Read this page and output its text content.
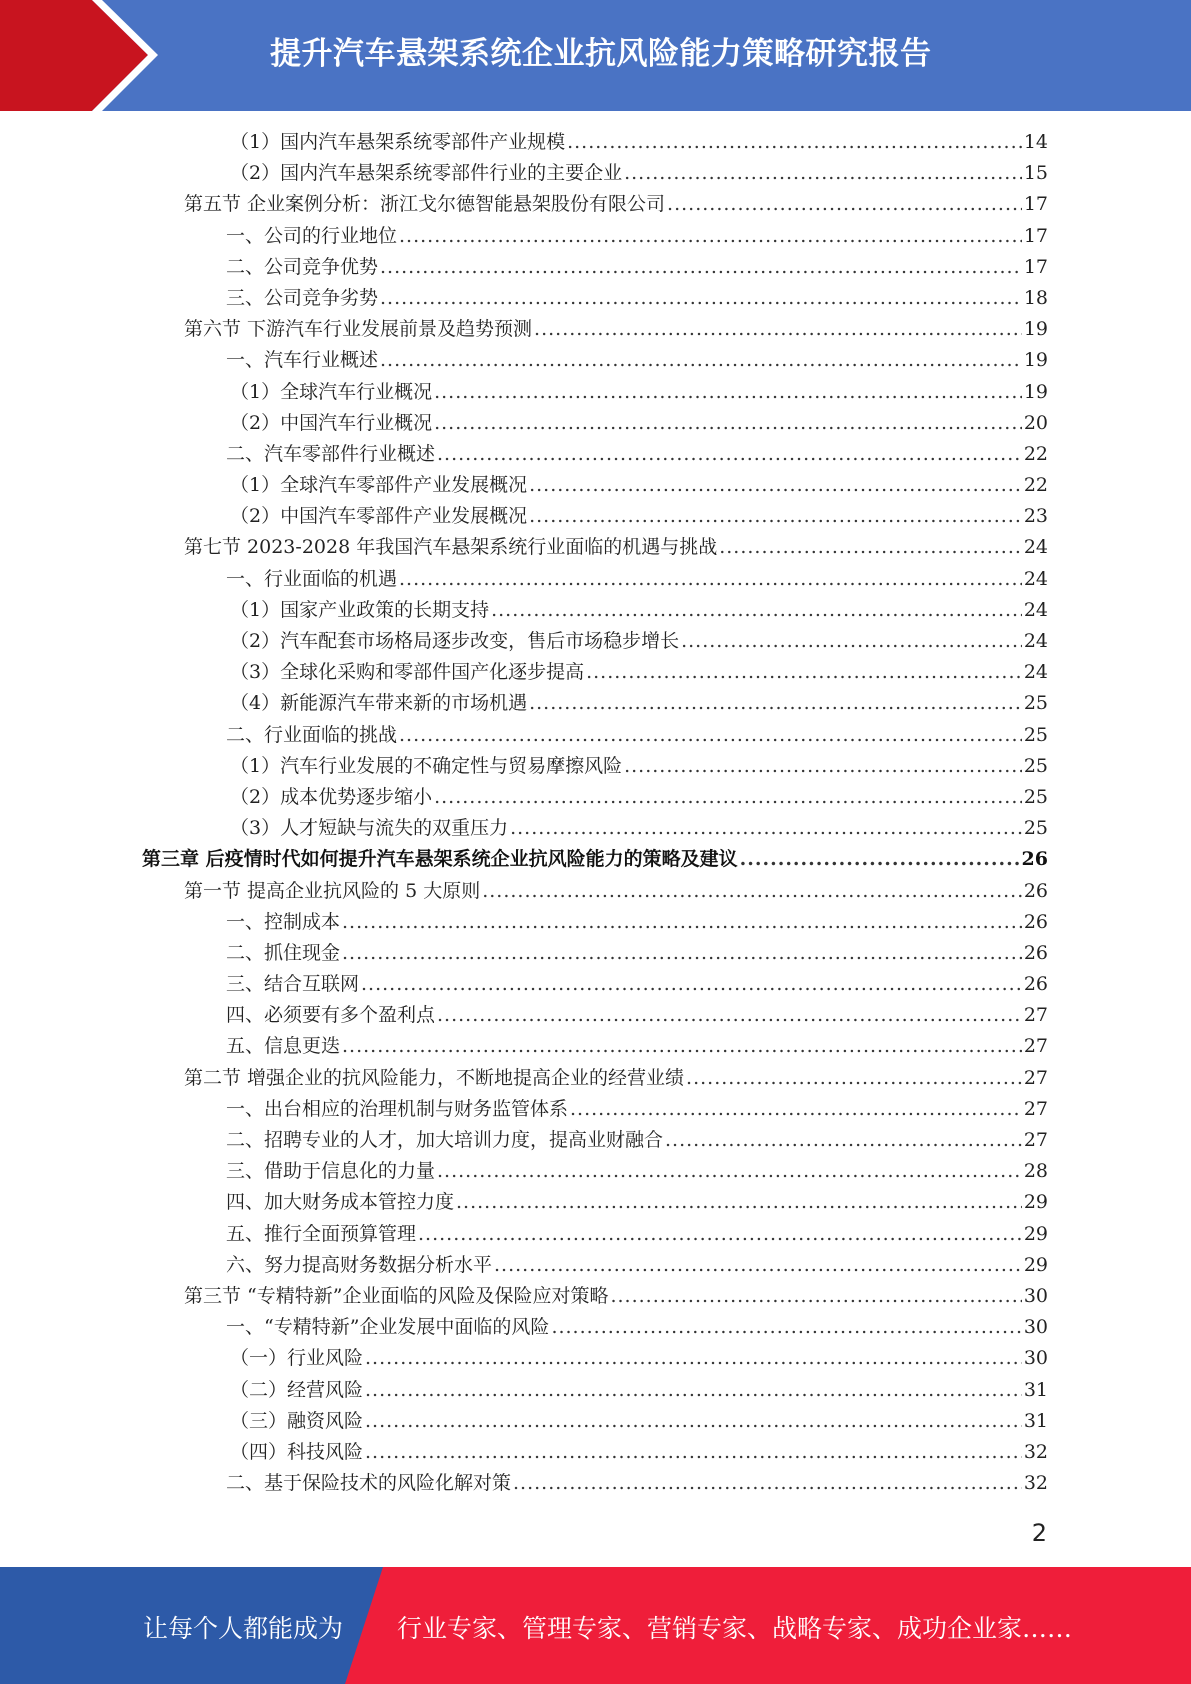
提升汽车悬架系统企业抗风险能力策略研究报告
（1）国内汽车悬架系统零部件产业规模 .....	14
（2）国内汽车悬架系统零部件行业的主要企业 .....	15
第五节 企业案例分析：浙江戈尔德智能悬架股份有限公司 .....	17
一、公司的行业地位 .....	17
二、公司竞争优势 .....	17
三、公司竞争劣势 .....	18
第六节 下游汽车行业发展前景及趋势预测 .....	19
一、汽车行业概述 .....	19
（1）全球汽车行业概况 .....	19
（2）中国汽车行业概况 .....	20
二、汽车零部件行业概述 .....	22
（1）全球汽车零部件产业发展概况 .....	22
（2）中国汽车零部件产业发展概况 .....	23
第七节 2023-2028 年我国汽车悬架系统行业面临的机遇与挑战 .....	24
一、行业面临的机遇 .....	24
（1）国家产业政策的长期支持 .....	24
（2）汽车配套市场格局逐步改变，售后市场稳步增长 .....	24
（3）全球化采购和零部件国产化逐步提高 .....	24
（4）新能源汽车带来新的市场机遇 .....	25
二、行业面临的挑战 .....	25
（1）汽车行业发展的不确定性与贸易摩擦风险 .....	25
（2）成本优势逐步缩小 .....	25
（3）人才短缺与流失的双重压力 .....	25
第三章 后疫情时代如何提升汽车悬架系统企业抗风险能力的策略及建议 .....	26
第一节 提高企业抗风险的 5 大原则 .....	26
一、控制成本 .....	26
二、抓住现金 .....	26
三、结合互联网 .....	26
四、必须要有多个盈利点 .....	27
五、信息更迭 .....	27
第二节 增强企业的抗风险能力，不断地提高企业的经营业绩 .....	27
一、出台相应的治理机制与财务监管体系 .....	27
二、招聘专业的人才，加大培训力度，提高业财融合 .....	27
三、借助于信息化的力量 .....	28
四、加大财务成本管控力度 .....	29
五、推行全面预算管理 .....	29
六、努力提高财务数据分析水平 .....	29
第三节 “专精特新”企业面临的风险及保险应对策略 .....	30
一、“专精特新”企业发展中面临的风险 .....	30
（一）行业风险 .....	30
（二）经营风险 .....	31
（三）融资风险 .....	31
（四）科技风险 .....	32
二、基于保险技术的风险化解对策 .....	32
2
让每个人都能成为 行业专家、管理专家、营销专家、战略专家、成功企业家……
